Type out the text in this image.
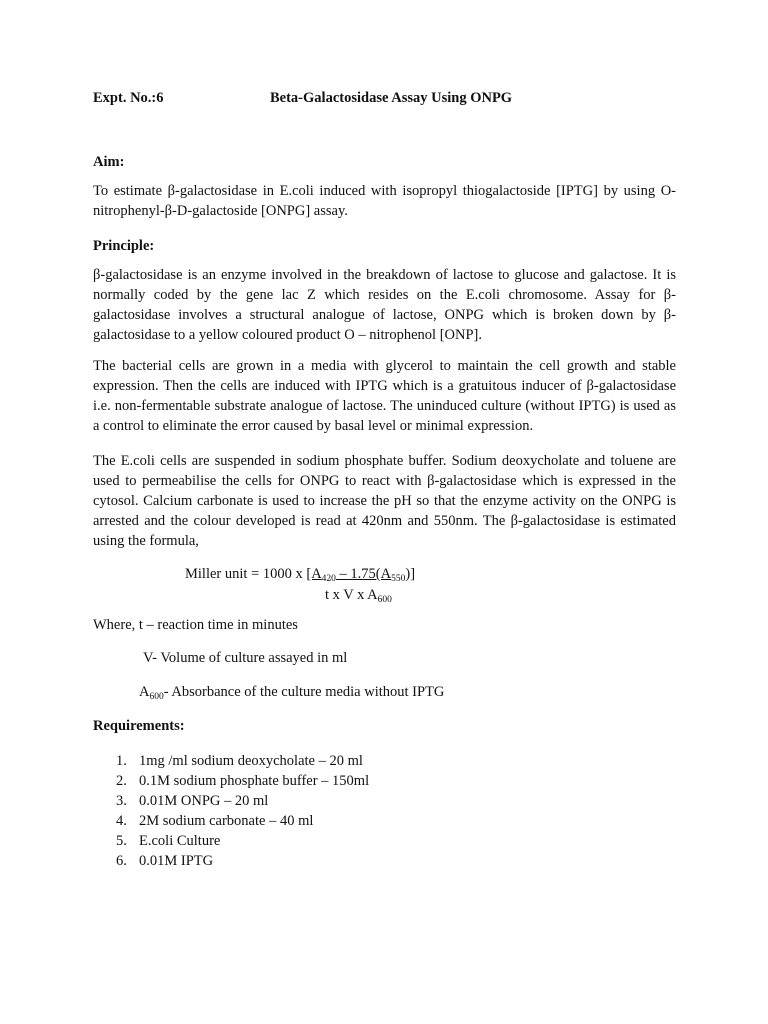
Expt. No.:6	Beta-Galactosidase Assay Using ONPG
Aim:
To estimate β-galactosidase in E.coli induced with isopropyl thiogalactoside [IPTG] by using O-nitrophenyl-β-D-galactoside [ONPG] assay.
Principle:
β-galactosidase is an enzyme involved in the breakdown of lactose to glucose and galactose. It is normally coded by the gene lac Z which resides on the E.coli chromosome. Assay for β-galactosidase involves a structural analogue of lactose, ONPG which is broken down by β-galactosidase to a yellow coloured product O – nitrophenol [ONP].
The bacterial cells are grown in a media with glycerol to maintain the cell growth and stable expression. Then the cells are induced with IPTG which is a gratuitous inducer of β-galactosidase i.e. non-fermentable substrate analogue of lactose. The uninduced culture (without IPTG) is used as a control to eliminate the error caused by basal level or minimal expression.
The E.coli cells are suspended in sodium phosphate buffer. Sodium deoxycholate and toluene are used to permeabilise the cells for ONPG to react with β-galactosidase which is expressed in the cytosol. Calcium carbonate is used to increase the pH so that the enzyme activity on the ONPG is arrested and the colour developed is read at 420nm and 550nm. The β-galactosidase is estimated using the formula,
Miller unit = 1000 x $[A_{420} - 1.75(A_{550})]$
t x V x $A_{600}$
Where, t – reaction time in minutes
V- Volume of culture assayed in ml
$A_{600}-$ Absorbance of the culture media without IPTG
Requirements:
1. 1mg /ml sodium deoxycholate – 20 ml
2. 0.1M sodium phosphate buffer – 150ml
3. 0.01M ONPG – 20 ml
4. 2M sodium carbonate – 40 ml
5. E.coli Culture
6. 0.01M IPTG
